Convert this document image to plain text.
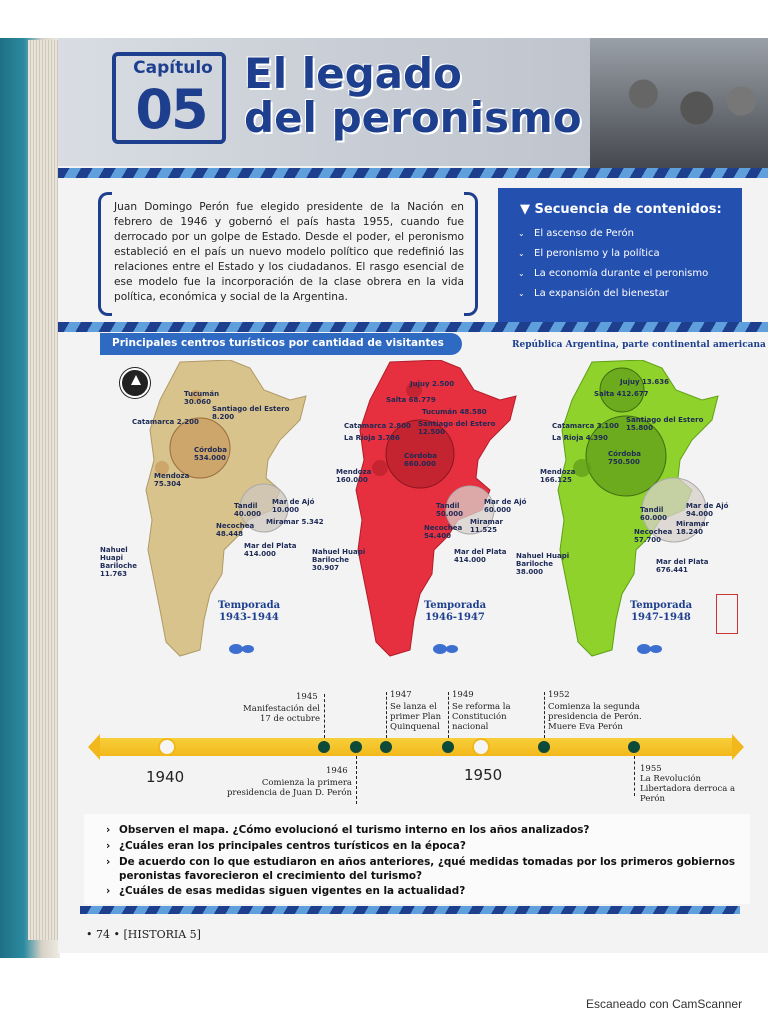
Capítulo
05
El legado
del peronismo
Juan Domingo Perón fue elegido presidente de la Nación en febrero de 1946 y gobernó el país hasta 1955, cuando fue derrocado por un golpe de Estado. Desde el poder, el peronismo estableció en el país un nuevo modelo político que redefinió las relaciones entre el Estado y los ciudadanos. El rasgo esencial de ese modelo fue la incorporación de la clase obrera en la vida política, económica y social de la Argentina.
▼ Secuencia de contenidos:
⌄ El ascenso de Perón
⌄ El peronismo y la política
⌄ La economía durante el peronismo
⌄ La expansión del bienestar
Principales centros turísticos por cantidad de visitantes	República Argentina, parte continental americana
Tucumán
30.060
Santiago del Estero
8.200
Catamarca 2.200
Córdoba
534.000
Mendoza
75.304
Tandil
40.000
Mar de Ajó
10.000
Miramar 5.342
Necochea
48.448
Mar del Plata
414.000
Nahuel Huapi Bariloche
11.763
Temporada
1943-1944
Jujuy 2.500
Salta 68.779
Tucumán 48.580
Catamarca 2.800 Santiago del Estero
12.500
La Rioja 3.786
Córdoba
660.000
Mendoza
160.000
Tandil
50.000
Mar de Ajó
60.000
Miramar
11.525
Necochea
54.400
Mar del Plata
414.000
Nahuel Huapi Bariloche
30.907
Temporada
1946-1947
Jujuy 13.636
Salta 412.677
Catamarca 3.100
Santiago del Estero
15.800
La Rioja 4.390
Córdoba
750.500
Mendoza
166.125
Tandil
60.000
Mar de Ajó
94.000
Miramar
18.240
Necochea
57.700
Mar del Plata
676.441
Nahuel Huapi Bariloche
38.000
Temporada
1947-1948
1940	1950
1945
Manifestación del 17 de octubre
1946
Comienza la primera presidencia de Juan D. Perón
1947
Se lanza el primer Plan Quinquenal
1949
Se reforma la Constitución nacional
1952
Comienza la segunda presidencia de Perón. Muere Eva Perón
1955
La Revolución Libertadora derroca a Perón
› Observen el mapa. ¿Cómo evolucionó el turismo interno en los años analizados?
› ¿Cuáles eran los principales centros turísticos en la época?
› De acuerdo con lo que estudiaron en años anteriores, ¿qué medidas tomadas por los primeros gobiernos
peronistas favorecieron el crecimiento del turismo?
› ¿Cuáles de esas medidas siguen vigentes en la actualidad?
• 74 • [HISTORIA 5]
Escaneado con CamScanner
